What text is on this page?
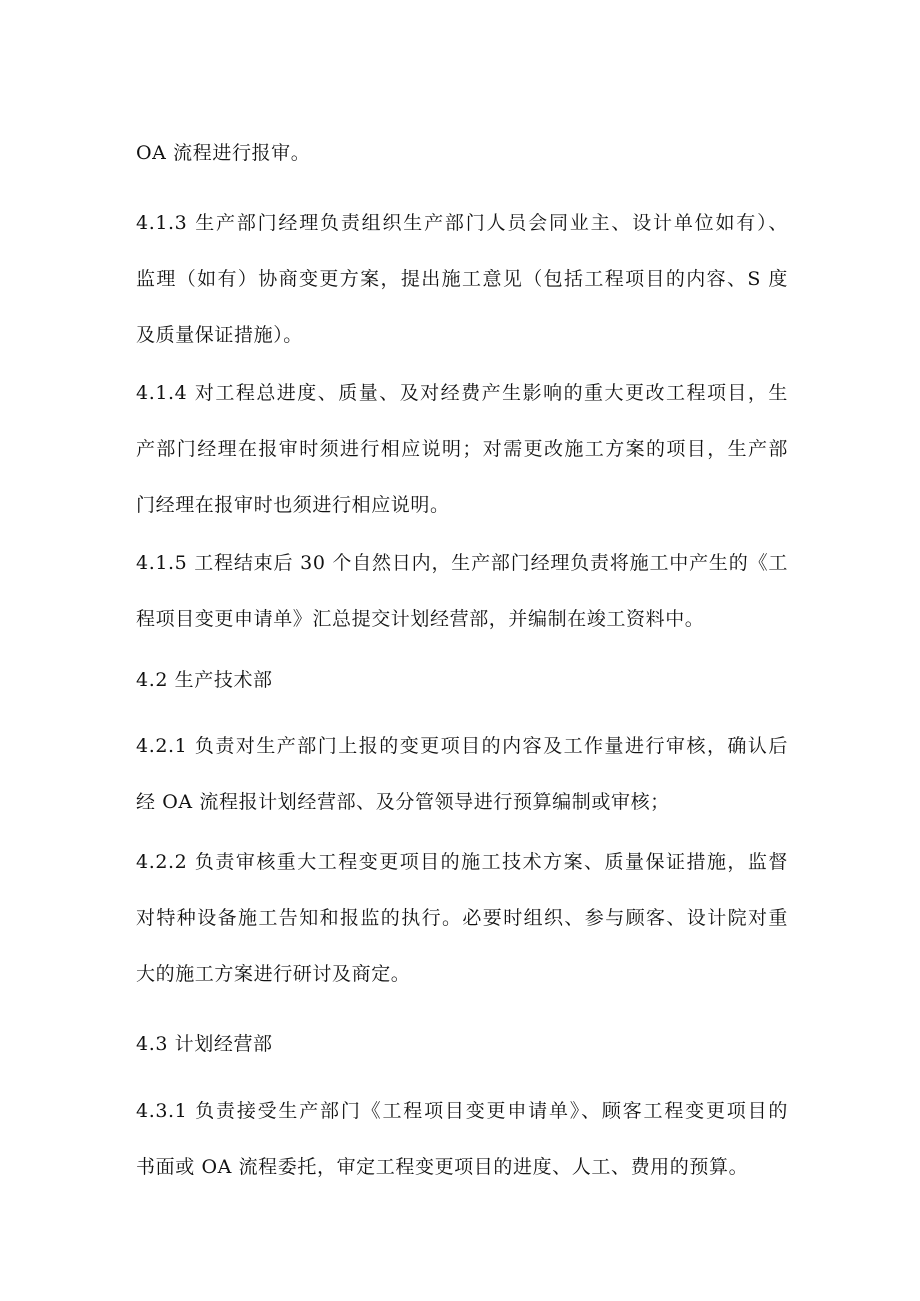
OA 流程进行报审。

4.1.3 生产部门经理负责组织生产部门人员会同业主、设计单位如有）、
监理（如有）协商变更方案，提出施工意见（包括工程项目的内容、S 度
及质量保证措施）。

4.1.4 对工程总进度、质量、及对经费产生影响的重大更改工程项目，生
产部门经理在报审时须进行相应说明；对需更改施工方案的项目，生产部
门经理在报审时也须进行相应说明。

4.1.5 工程结束后 30 个自然日内，生产部门经理负责将施工中产生的《工
程项目变更申请单》汇总提交计划经营部，并编制在竣工资料中。

4.2 生产技术部

4.2.1 负责对生产部门上报的变更项目的内容及工作量进行审核，确认后
经 OA 流程报计划经营部、及分管领导进行预算编制或审核；

4.2.2 负责审核重大工程变更项目的施工技术方案、质量保证措施，监督
对特种设备施工告知和报监的执行。必要时组织、参与顾客、设计院对重
大的施工方案进行研讨及商定。

4.3 计划经营部

4.3.1 负责接受生产部门《工程项目变更申请单》、顾客工程变更项目的
书面或 OA 流程委托，审定工程变更项目的进度、人工、费用的预算。
